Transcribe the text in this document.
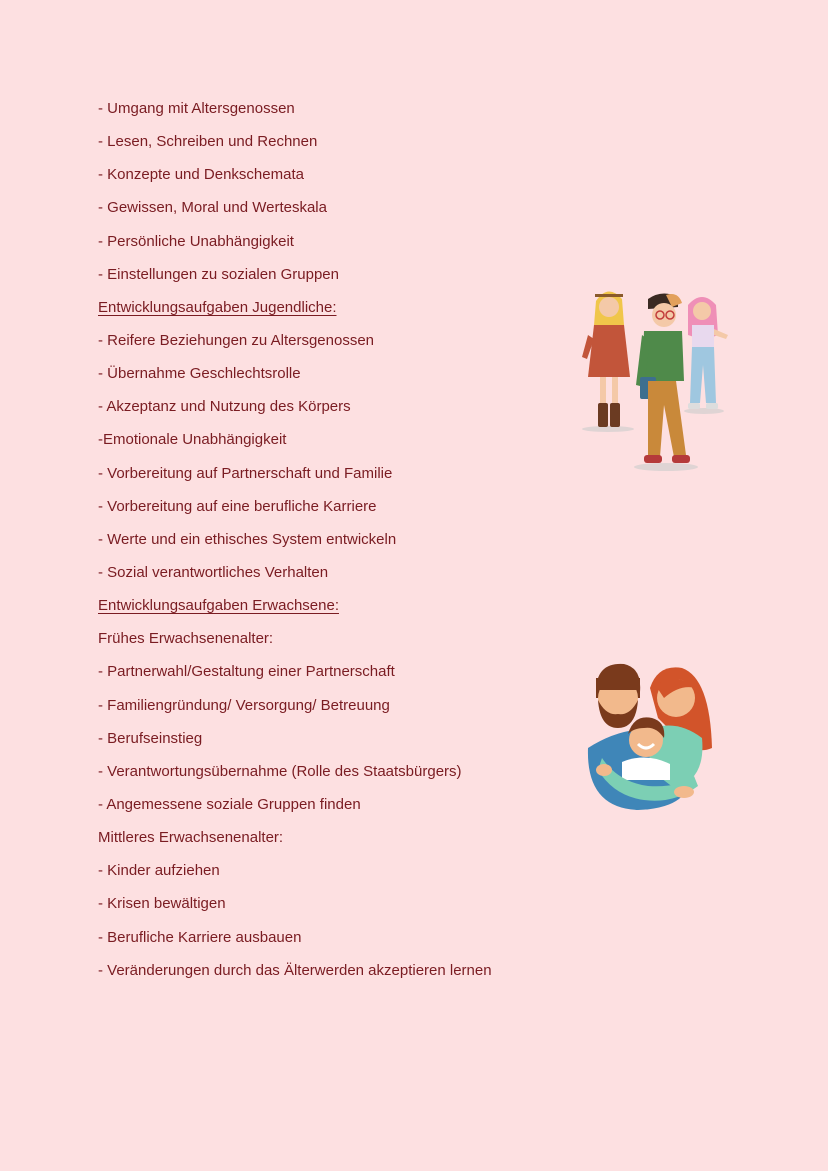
- Umgang mit Altersgenossen
- Lesen, Schreiben und Rechnen
- Konzepte und Denkschemata
- Gewissen, Moral und Werteskala
- Persönliche Unabhängigkeit
- Einstellungen zu sozialen Gruppen
Entwicklungsaufgaben Jugendliche:
- Reifere Beziehungen zu Altersgenossen
- Übernahme Geschlechtsrolle
- Akzeptanz und Nutzung des Körpers
-Emotionale Unabhängigkeit
- Vorbereitung auf Partnerschaft und Familie
- Vorbereitung auf eine berufliche Karriere
- Werte und ein ethisches System entwickeln
- Sozial verantwortliches Verhalten
Entwicklungsaufgaben Erwachsene:
Frühes Erwachsenenalter:
- Partnerwahl/Gestaltung einer Partnerschaft
- Familiengründung/ Versorgung/ Betreuung
- Berufseinstieg
- Verantwortungsübernahme (Rolle des Staatsbürgers)
- Angemessene soziale Gruppen finden
Mittleres Erwachsenenalter:
- Kinder aufziehen
- Krisen bewältigen
- Berufliche Karriere ausbauen
- Veränderungen durch das Älterwerden akzeptieren lernen
